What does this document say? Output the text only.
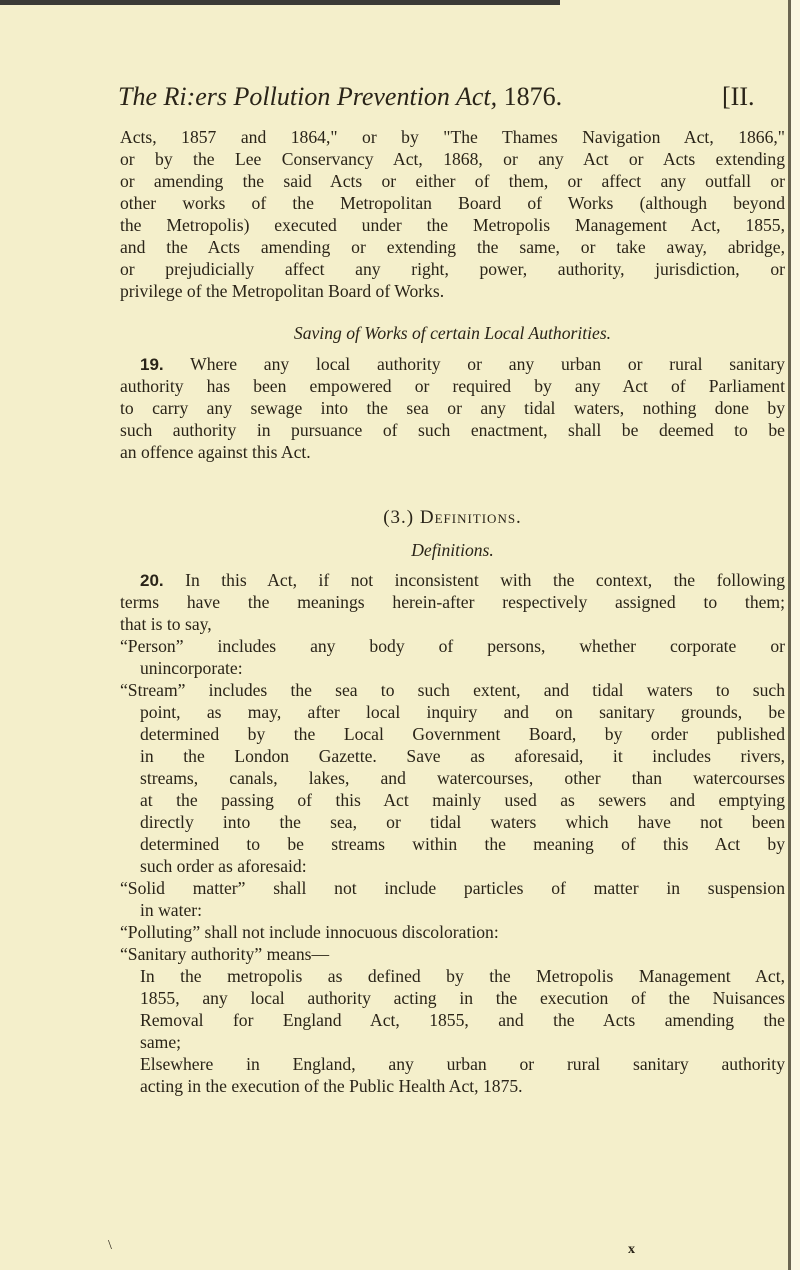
The Ri:ers Pollution Prevention Act, 1876.	[II.
Acts, 1857 and 1864," or by "The Thames Navigation Act, 1866,"
or by the Lee Conservancy Act, 1868, or any Act or Acts extending
or amending the said Acts or either of them, or affect any outfall or
other works of the Metropolitan Board of Works (although beyond
the Metropolis) executed under the Metropolis Management Act, 1855,
and the Acts amending or extending the same, or take away, abridge,
or prejudicially affect any right, power, authority, jurisdiction, or
privilege of the Metropolitan Board of Works.
Saving of Works of certain Local Authorities.
19. Where any local authority or any urban or rural sanitary
authority has been empowered or required by any Act of Parliament
to carry any sewage into the sea or any tidal waters, nothing done by
such authority in pursuance of such enactment, shall be deemed to be
an offence against this Act.
(3.) Definitions.
Definitions.
20. In this Act, if not inconsistent with the context, the following
terms have the meanings herein-after respectively assigned to them;
that is to say,
“Person” includes any body of persons, whether corporate or
unincorporate:
“Stream” includes the sea to such extent, and tidal waters to such
point, as may, after local inquiry and on sanitary grounds, be
determined by the Local Government Board, by order published
in the London Gazette. Save as aforesaid, it includes rivers,
streams, canals, lakes, and watercourses, other than watercourses
at the passing of this Act mainly used as sewers and emptying
directly into the sea, or tidal waters which have not been
determined to be streams within the meaning of this Act by
such order as aforesaid:
“Solid matter” shall not include particles of matter in suspension
in water:
“Polluting” shall not include innocuous discoloration:
“Sanitary authority” means—
In the metropolis as defined by the Metropolis Management Act,
1855, any local authority acting in the execution of the Nuisances
Removal for England Act, 1855, and the Acts amending the
same;
Elsewhere in England, any urban or rural sanitary authority
acting in the execution of the Public Health Act, 1875.
\	x
